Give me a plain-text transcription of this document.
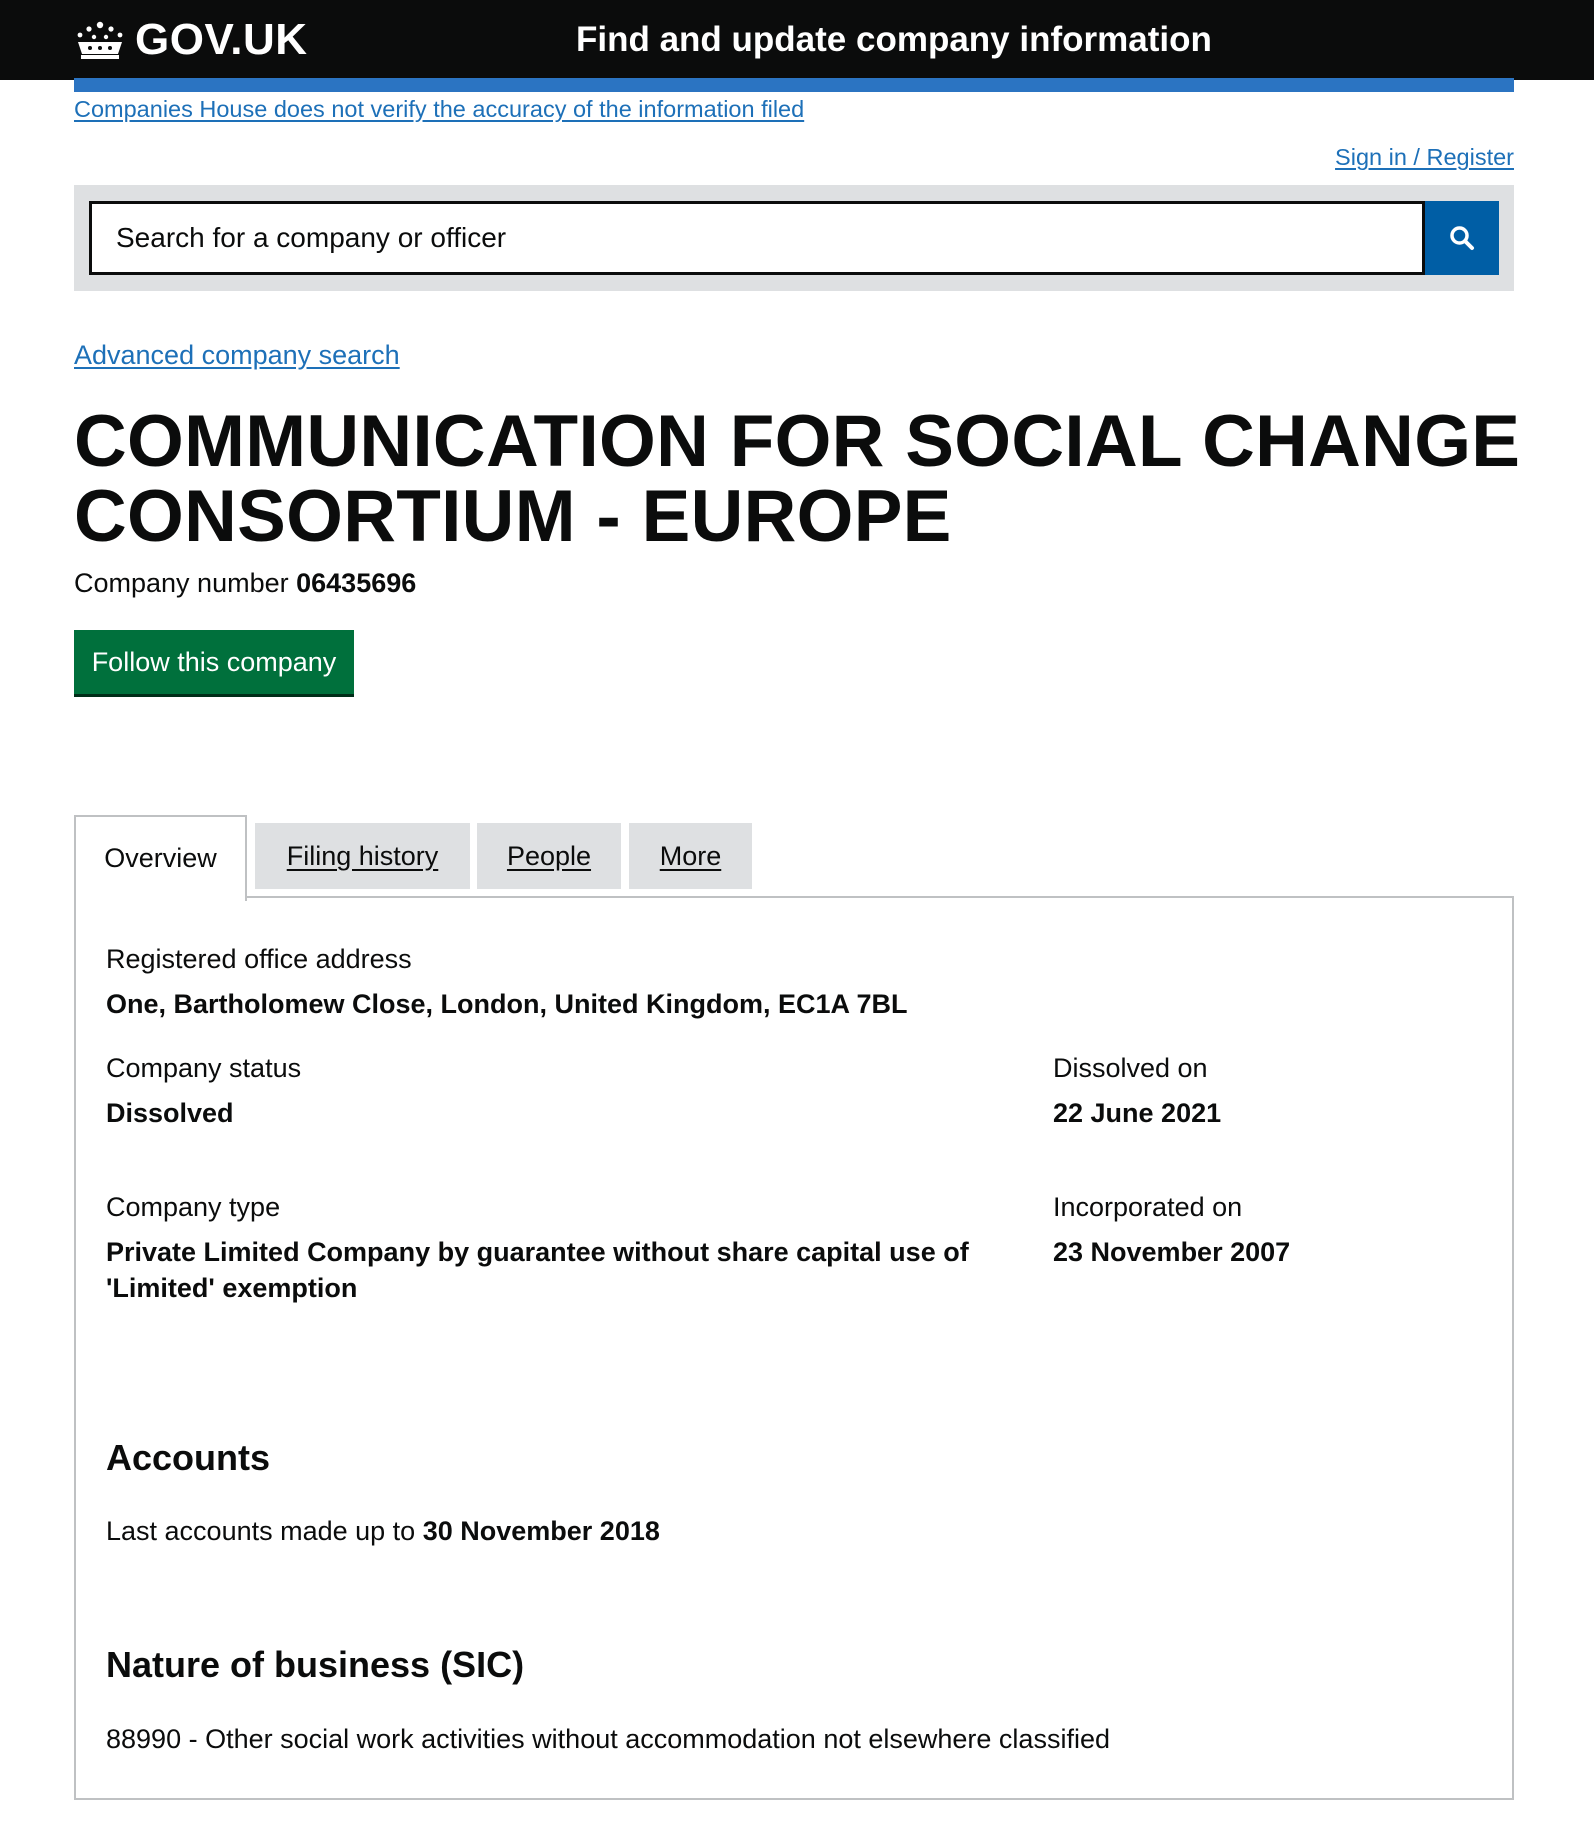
GOV.UK	Find and update company information
Companies House does not verify the accuracy of the information filed
Sign in / Register
Search for a company or officer
Advanced company search
COMMUNICATION FOR SOCIAL CHANGE CONSORTIUM - EUROPE
Company number 06435696
Follow this company
Overview	Filing history	People	More
Registered office address
One, Bartholomew Close, London, United Kingdom, EC1A 7BL
Company status
Dissolved
Dissolved on
22 June 2021
Company type
Private Limited Company by guarantee without share capital use of 'Limited' exemption
Incorporated on
23 November 2007
Accounts
Last accounts made up to 30 November 2018
Nature of business (SIC)
88990 - Other social work activities without accommodation not elsewhere classified
